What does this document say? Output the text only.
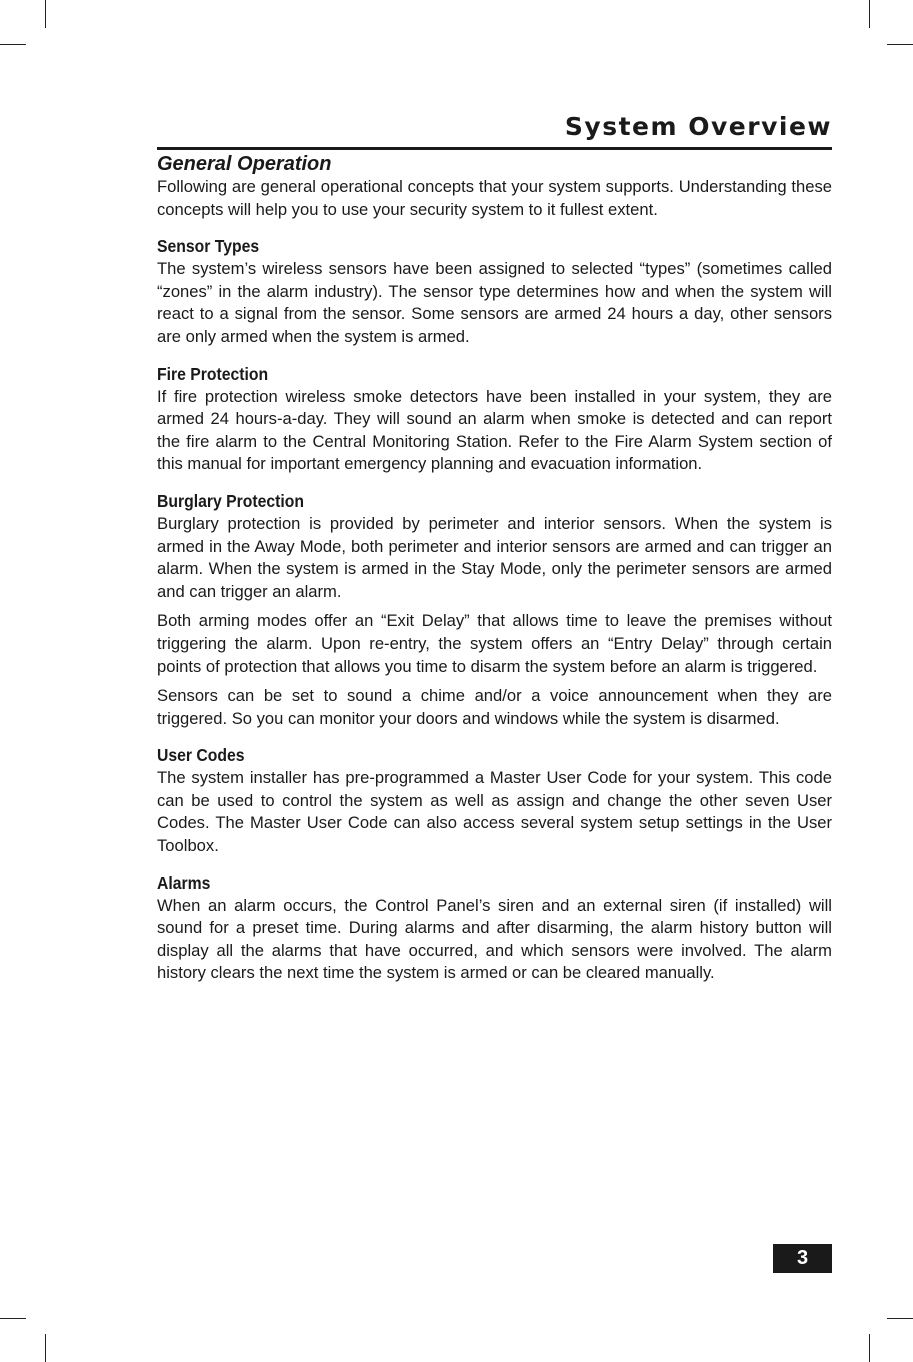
System Overview
General Operation

Following are general operational concepts that your system supports. Understanding these concepts will help you to use your security system to it fullest extent.

Sensor Types

The system’s wireless sensors have been assigned to selected “types” (sometimes called “zones” in the alarm industry). The sensor type determines how and when the system will react to a signal from the sensor. Some sensors are armed 24 hours a day, other sensors are only armed when the system is armed.

Fire Protection

If fire protection wireless smoke detectors have been installed in your system, they are armed 24 hours-a-day. They will sound an alarm when smoke is detected and can report the fire alarm to the Central Monitoring Station. Refer to the Fire Alarm System section of this manual for important emergency planning and evacuation information.

Burglary Protection

Burglary protection is provided by perimeter and interior sensors. When the system is armed in the Away Mode, both perimeter and interior sensors are armed and can trigger an alarm. When the system is armed in the Stay Mode, only the perimeter sensors are armed and can trigger an alarm.

Both arming modes offer an “Exit Delay” that allows time to leave the premises without triggering the alarm. Upon re-entry, the system offers an “Entry Delay” through certain points of protection that allows you time to disarm the system before an alarm is triggered.

Sensors can be set to sound a chime and/or a voice announcement when they are triggered. So you can monitor your doors and windows while the system is disarmed.

User Codes

The system installer has pre-programmed a Master User Code for your system. This code can be used to control the system as well as assign and change the other seven User Codes. The Master User Code can also access several system setup settings in the User Toolbox.

Alarms

When an alarm occurs, the Control Panel’s siren and an external siren (if installed) will sound for a preset time. During alarms and after disarming, the alarm history button will display all the alarms that have occurred, and which sensors were involved. The alarm history clears the next time the system is armed or can be cleared manually.

3
